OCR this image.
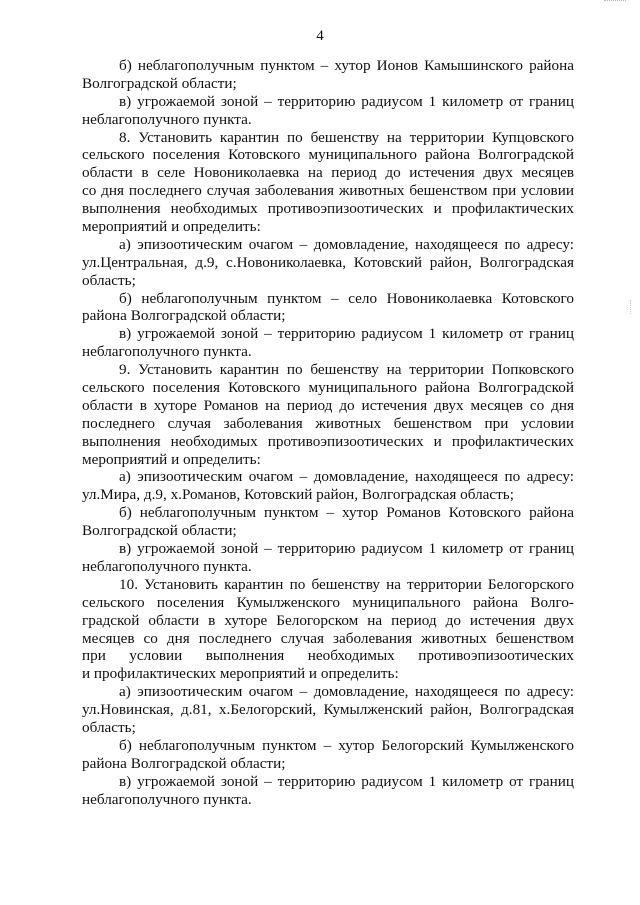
4
б) неблагополучным пунктом – хутор Ионов Камышинского района
Волгоградской области;
в) угрожаемой зоной – территорию радиусом 1 километр от границ
неблагополучного пункта.
8. Установить карантин по бешенству на территории Купцовского
сельского поселения Котовского муниципального района Волгоградской
области в селе Новониколаевка на период до истечения двух месяцев
со дня последнего случая заболевания животных бешенством при условии
выполнения необходимых противоэпизоотических и профилактических
мероприятий и определить:
а) эпизоотическим очагом – домовладение, находящееся по адресу:
ул.Центральная, д.9, с.Новониколаевка, Котовский район, Волгоградская
область;
б) неблагополучным пунктом – село Новониколаевка Котовского
района Волгоградской области;
в) угрожаемой зоной – территорию радиусом 1 километр от границ
неблагополучного пункта.
9. Установить карантин по бешенству на территории Попковского
сельского поселения Котовского муниципального района Волгоградской
области в хуторе Романов на период до истечения двух месяцев со дня
последнего случая заболевания животных бешенством при условии
выполнения необходимых противоэпизоотических и профилактических
мероприятий и определить:
а) эпизоотическим очагом – домовладение, находящееся по адресу:
ул.Мира, д.9, х.Романов, Котовский район, Волгоградская область;
б) неблагополучным пунктом – хутор Романов Котовского района
Волгоградской области;
в) угрожаемой зоной – территорию радиусом 1 километр от границ
неблагополучного пункта.
10. Установить карантин по бешенству на территории Белогорского
сельского поселения Кумылженского муниципального района Волго-
градской области в хуторе Белогорском на период до истечения двух
месяцев со дня последнего случая заболевания животных бешенством
при условии выполнения необходимых противоэпизоотических
и профилактических мероприятий и определить:
а) эпизоотическим очагом – домовладение, находящееся по адресу:
ул.Новинская, д.81, х.Белогорский, Кумылженский район, Волгоградская
область;
б) неблагополучным пунктом – хутор Белогорский Кумылженского
района Волгоградской области;
в) угрожаемой зоной – территорию радиусом 1 километр от границ
неблагополучного пункта.
